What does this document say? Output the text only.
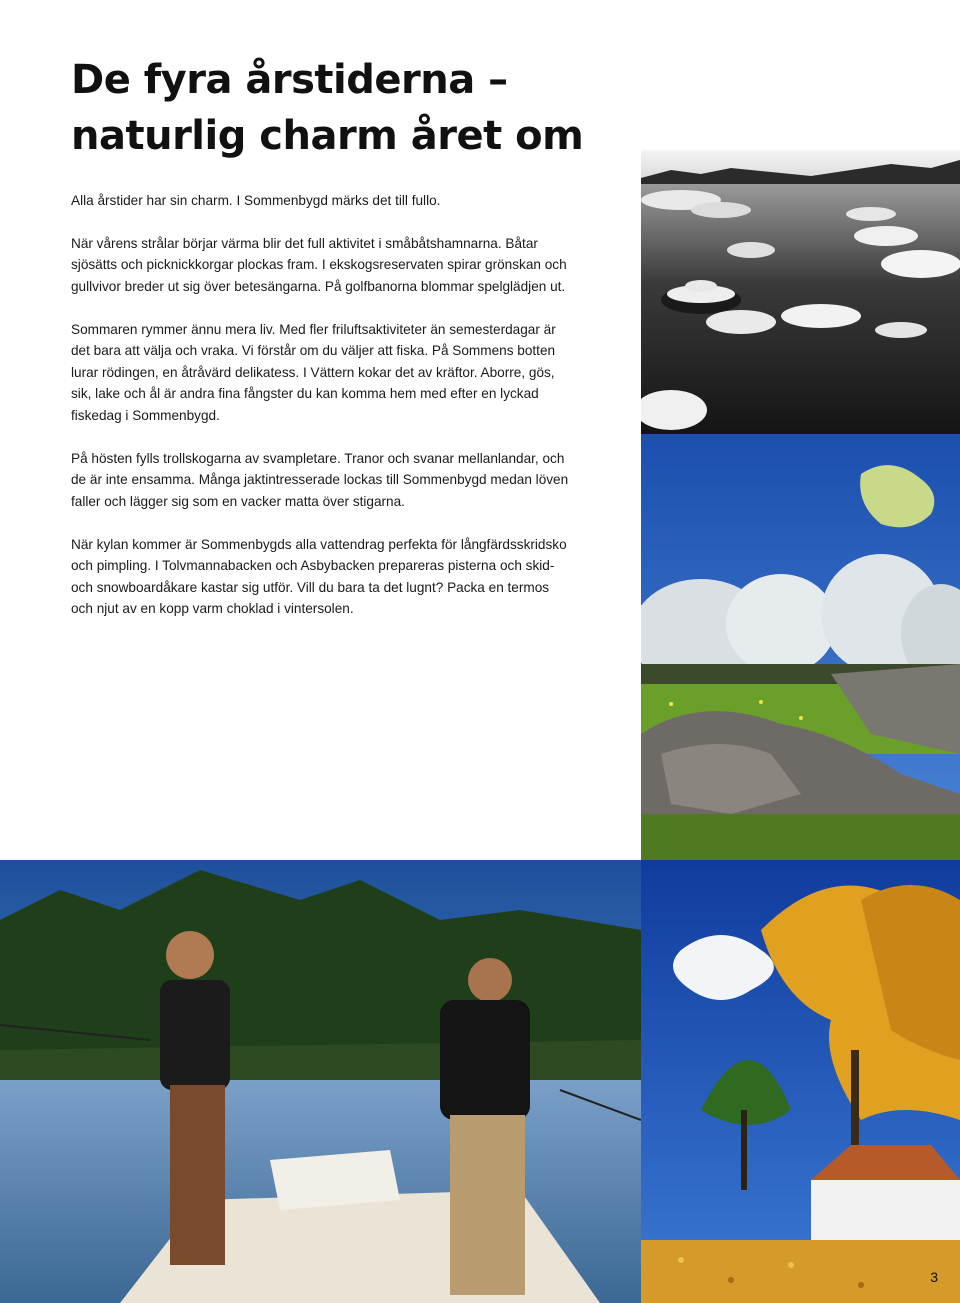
De fyra årstiderna –
naturlig charm året om

Alla årstider har sin charm. I Sommenbygd märks det till fullo.

När vårens strålar börjar värma blir det full aktivitet i småbåtshamnarna. Båtar sjösätts och picknickkorgar plockas fram. I ekskogsreservaten spirar grönskan och gullvivor breder ut sig över betesängarna. På golfbanorna blommar spelglädjen ut.

Sommaren rymmer ännu mera liv. Med fler friluftsaktiviteter än semesterdagar är det bara att välja och vraka. Vi förstår om du väljer att fiska. På Sommens botten lurar rödingen, en åtråvärd delikatess. I Vättern kokar det av kräftor. Aborre, gös, sik, lake och ål är andra fina fångster du kan komma hem med efter en lyckad fiskedag i Sommenbygd.

På hösten fylls trollskogarna av svampletare. Tranor och svanar mellanlandar, och de är inte ensamma. Många jaktintresserade lockas till Sommenbygd medan löven faller och lägger sig som en vacker matta över stigarna.

När kylan kommer är Sommenbygds alla vattendrag perfekta för långfärdsskridsko och pimpling. I Tolvmannabacken och Asbybacken prepareras pisterna och skid- och snowboardåkare kastar sig utför. Vill du bara ta det lugnt? Packa en termos och njut av en kopp varm choklad i vintersolen.

3
